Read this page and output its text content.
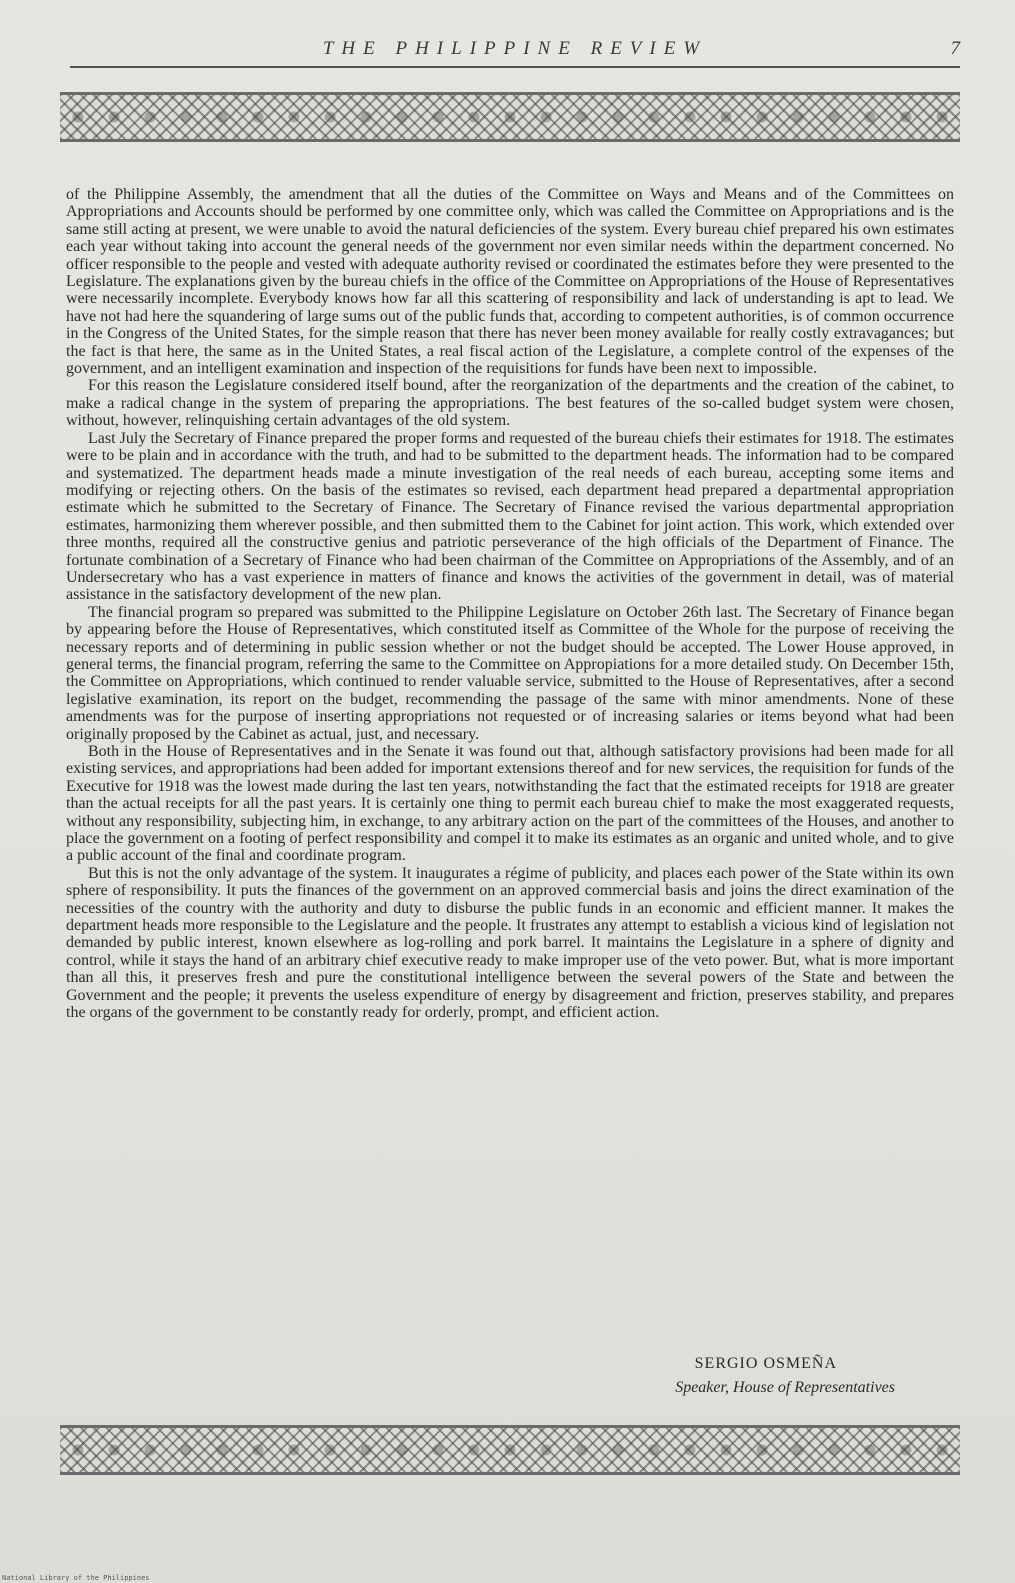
THE PHILIPPINE REVIEW	7

of the Philippine Assembly, the amendment that all the duties of the Committee on Ways and Means and of the Committees on Appropriations and Accounts should be performed by one committee only, which was called the Committee on Appropriations and is the same still acting at present, we were unable to avoid the natural deficiencies of the system. Every bureau chief prepared his own estimates each year without taking into account the general needs of the government nor even similar needs within the department concerned. No officer responsible to the people and vested with adequate authority revised or coordinated the estimates before they were presented to the Legislature. The explanations given by the bureau chiefs in the office of the Committee on Appropriations of the House of Representatives were necessarily incomplete. Everybody knows how far all this scattering of responsibility and lack of understanding is apt to lead. We have not had here the squandering of large sums out of the public funds that, according to competent authorities, is of common occurrence in the Congress of the United States, for the simple reason that there has never been money available for really costly extravagances; but the fact is that here, the same as in the United States, a real fiscal action of the Legislature, a complete control of the expenses of the government, and an intelligent examination and inspection of the requisitions for funds have been next to impossible.

For this reason the Legislature considered itself bound, after the reorganization of the departments and the creation of the cabinet, to make a radical change in the system of preparing the appropriations. The best features of the so-called budget system were chosen, without, however, relinquishing certain advantages of the old system.

Last July the Secretary of Finance prepared the proper forms and requested of the bureau chiefs their estimates for 1918. The estimates were to be plain and in accordance with the truth, and had to be submitted to the department heads. The information had to be compared and systematized. The department heads made a minute investigation of the real needs of each bureau, accepting some items and modifying or rejecting others. On the basis of the estimates so revised, each department head prepared a departmental appropriation estimate which he submitted to the Secretary of Finance. The Secretary of Finance revised the various departmental appropriation estimates, harmonizing them wherever possible, and then submitted them to the Cabinet for joint action. This work, which extended over three months, required all the constructive genius and patriotic perseverance of the high officials of the Department of Finance. The fortunate combination of a Secretary of Finance who had been chairman of the Committee on Appropriations of the Assembly, and of an Undersecretary who has a vast experience in matters of finance and knows the activities of the government in detail, was of material assistance in the satisfactory development of the new plan.

The financial program so prepared was submitted to the Philippine Legislature on October 26th last. The Secretary of Finance began by appearing before the House of Representatives, which constituted itself as Committee of the Whole for the purpose of receiving the necessary reports and of determining in public session whether or not the budget should be accepted. The Lower House approved, in general terms, the financial program, referring the same to the Committee on Appropiations for a more detailed study. On December 15th, the Committee on Appropriations, which continued to render valuable service, submitted to the House of Representatives, after a second legislative examination, its report on the budget, recommending the passage of the same with minor amendments. None of these amendments was for the purpose of inserting appropriations not requested or of increasing salaries or items beyond what had been originally proposed by the Cabinet as actual, just, and necessary.

Both in the House of Representatives and in the Senate it was found out that, although satisfactory provisions had been made for all existing services, and appropriations had been added for important extensions thereof and for new services, the requisition for funds of the Executive for 1918 was the lowest made during the last ten years, notwithstanding the fact that the estimated receipts for 1918 are greater than the actual receipts for all the past years. It is certainly one thing to permit each bureau chief to make the most exaggerated requests, without any responsibility, subjecting him, in exchange, to any arbitrary action on the part of the committees of the Houses, and another to place the government on a footing of perfect responsibility and compel it to make its estimates as an organic and united whole, and to give a public account of the final and coordinate program.

But this is not the only advantage of the system. It inaugurates a régime of publicity, and places each power of the State within its own sphere of responsibility. It puts the finances of the government on an approved commercial basis and joins the direct examination of the necessities of the country with the authority and duty to disburse the public funds in an economic and efficient manner. It makes the department heads more responsible to the Legislature and the people. It frustrates any attempt to establish a vicious kind of legislation not demanded by public interest, known elsewhere as log-rolling and pork barrel. It maintains the Legislature in a sphere of dignity and control, while it stays the hand of an arbitrary chief executive ready to make improper use of the veto power. But, what is more important than all this, it preserves fresh and pure the constitutional intelligence between the several powers of the State and between the Government and the people; it prevents the useless expenditure of energy by disagreement and friction, preserves stability, and prepares the organs of the government to be constantly ready for orderly, prompt, and efficient action.

SERGIO OSMEÑA
Speaker, House of Representatives
National Library of the Philippines
